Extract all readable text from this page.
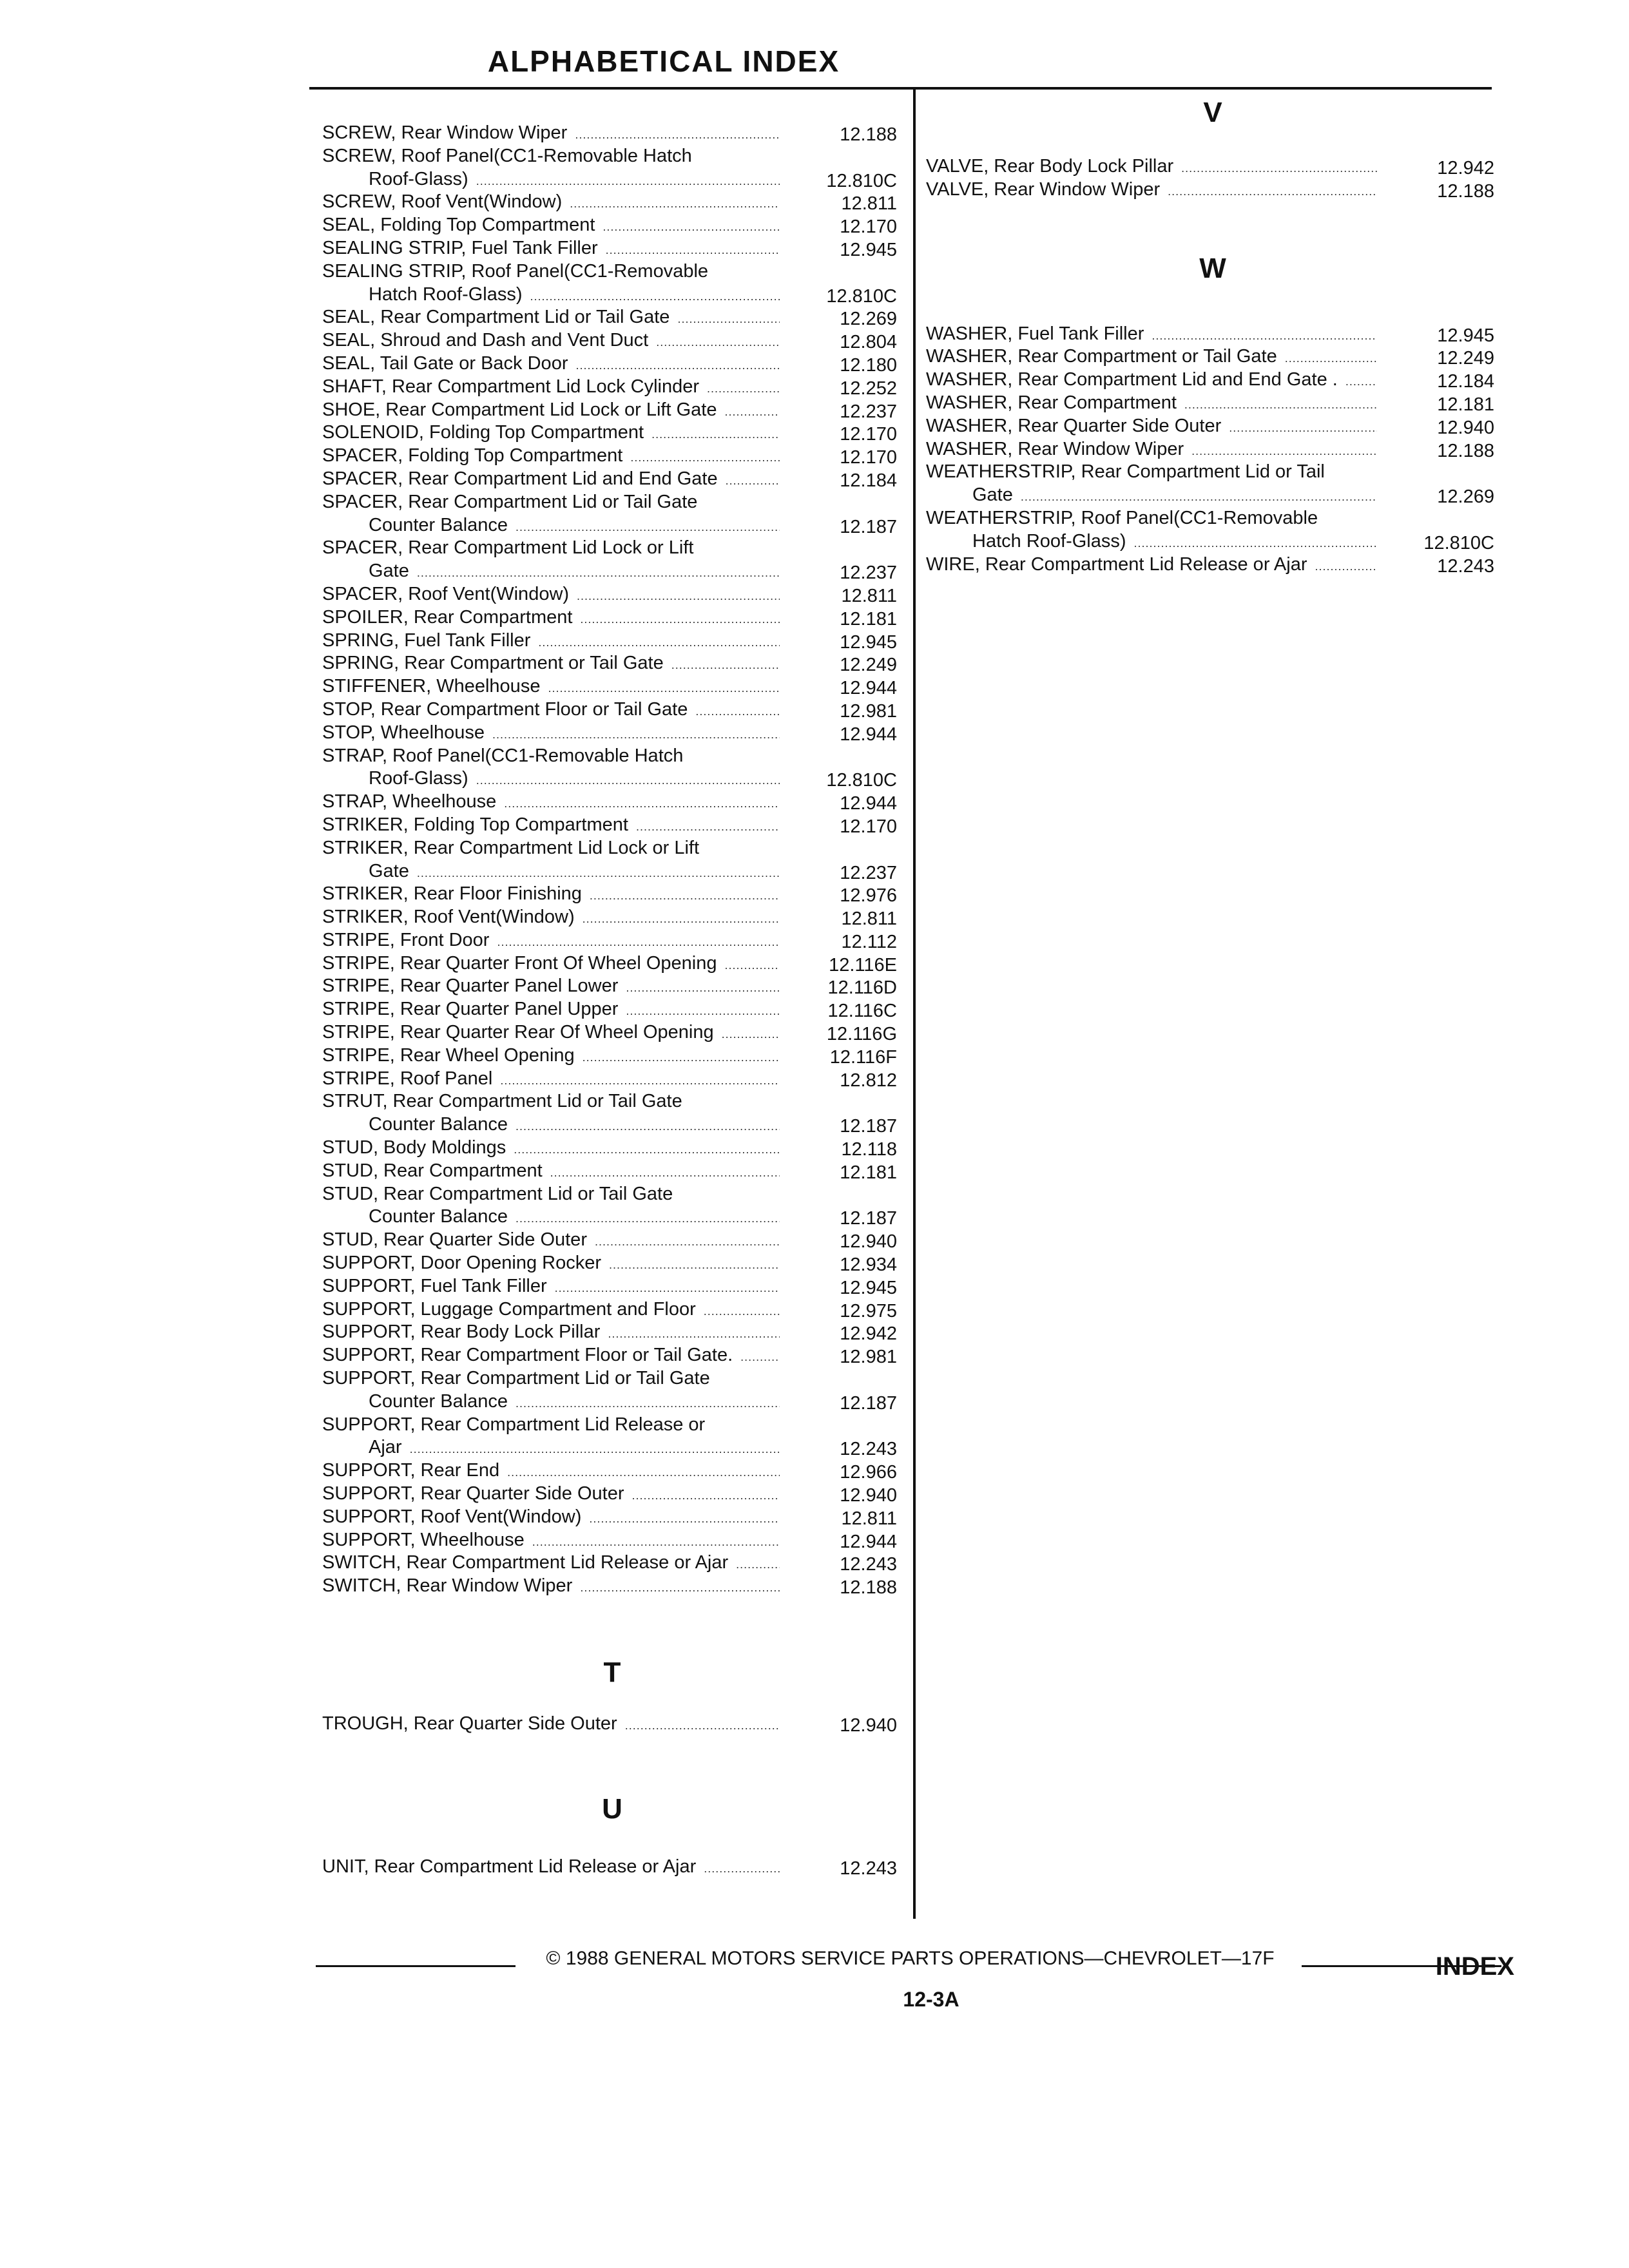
ALPHABETICAL INDEX
SCREW, Rear Window Wiper .....	12.188
SCREW, Roof Panel(CC1-Removable Hatch
Roof-Glass) .....	12.810C
SCREW, Roof Vent(Window) .....	12.811
SEAL, Folding Top Compartment .....	12.170
SEALING STRIP, Fuel Tank Filler .....	12.945
SEALING STRIP, Roof Panel(CC1-Removable
Hatch Roof-Glass) .....	12.810C
SEAL, Rear Compartment Lid or Tail Gate .....	12.269
SEAL, Shroud and Dash and Vent Duct .....	12.804
SEAL, Tail Gate or Back Door .....	12.180
SHAFT, Rear Compartment Lid Lock Cylinder .....	12.252
SHOE, Rear Compartment Lid Lock or Lift Gate .....	12.237
SOLENOID, Folding Top Compartment .....	12.170
SPACER, Folding Top Compartment .....	12.170
SPACER, Rear Compartment Lid and End Gate .....	12.184
SPACER, Rear Compartment Lid or Tail Gate
Counter Balance .....	12.187
SPACER, Rear Compartment Lid Lock or Lift
Gate .....	12.237
SPACER, Roof Vent(Window) .....	12.811
SPOILER, Rear Compartment .....	12.181
SPRING, Fuel Tank Filler .....	12.945
SPRING, Rear Compartment or Tail Gate .....	12.249
STIFFENER, Wheelhouse .....	12.944
STOP, Rear Compartment Floor or Tail Gate .....	12.981
STOP, Wheelhouse .....	12.944
STRAP, Roof Panel(CC1-Removable Hatch
Roof-Glass) .....	12.810C
STRAP, Wheelhouse .....	12.944
STRIKER, Folding Top Compartment .....	12.170
STRIKER, Rear Compartment Lid Lock or Lift
Gate .....	12.237
STRIKER, Rear Floor Finishing .....	12.976
STRIKER, Roof Vent(Window) .....	12.811
STRIPE, Front Door .....	12.112
STRIPE, Rear Quarter Front Of Wheel Opening .....	12.116E
STRIPE, Rear Quarter Panel Lower .....	12.116D
STRIPE, Rear Quarter Panel Upper .....	12.116C
STRIPE, Rear Quarter Rear Of Wheel Opening .....	12.116G
STRIPE, Rear Wheel Opening .....	12.116F
STRIPE, Roof Panel .....	12.812
STRUT, Rear Compartment Lid or Tail Gate
Counter Balance .....	12.187
STUD, Body Moldings .....	12.118
STUD, Rear Compartment .....	12.181
STUD, Rear Compartment Lid or Tail Gate
Counter Balance .....	12.187
STUD, Rear Quarter Side Outer .....	12.940
SUPPORT, Door Opening Rocker .....	12.934
SUPPORT, Fuel Tank Filler .....	12.945
SUPPORT, Luggage Compartment and Floor .....	12.975
SUPPORT, Rear Body Lock Pillar .....	12.942
SUPPORT, Rear Compartment Floor or Tail Gate. .....	12.981
SUPPORT, Rear Compartment Lid or Tail Gate
Counter Balance .....	12.187
SUPPORT, Rear Compartment Lid Release or
Ajar .....	12.243
SUPPORT, Rear End .....	12.966
SUPPORT, Rear Quarter Side Outer .....	12.940
SUPPORT, Roof Vent(Window) .....	12.811
SUPPORT, Wheelhouse .....	12.944
SWITCH, Rear Compartment Lid Release or Ajar .....	12.243
SWITCH, Rear Window Wiper .....	12.188
T
TROUGH, Rear Quarter Side Outer .....	12.940
U
UNIT, Rear Compartment Lid Release or Ajar .....	12.243
V
VALVE, Rear Body Lock Pillar .....	12.942
VALVE, Rear Window Wiper .....	12.188
W
WASHER, Fuel Tank Filler .....	12.945
WASHER, Rear Compartment or Tail Gate .....	12.249
WASHER, Rear Compartment Lid and End Gate . .....	12.184
WASHER, Rear Compartment .....	12.181
WASHER, Rear Quarter Side Outer .....	12.940
WASHER, Rear Window Wiper .....	12.188
WEATHERSTRIP, Rear Compartment Lid or Tail
Gate .....	12.269
WEATHERSTRIP, Roof Panel(CC1-Removable
Hatch Roof-Glass) .....	12.810C
WIRE, Rear Compartment Lid Release or Ajar .....	12.243
© 1988 GENERAL MOTORS SERVICE PARTS OPERATIONS—CHEVROLET—17F
12-3A
INDEX
